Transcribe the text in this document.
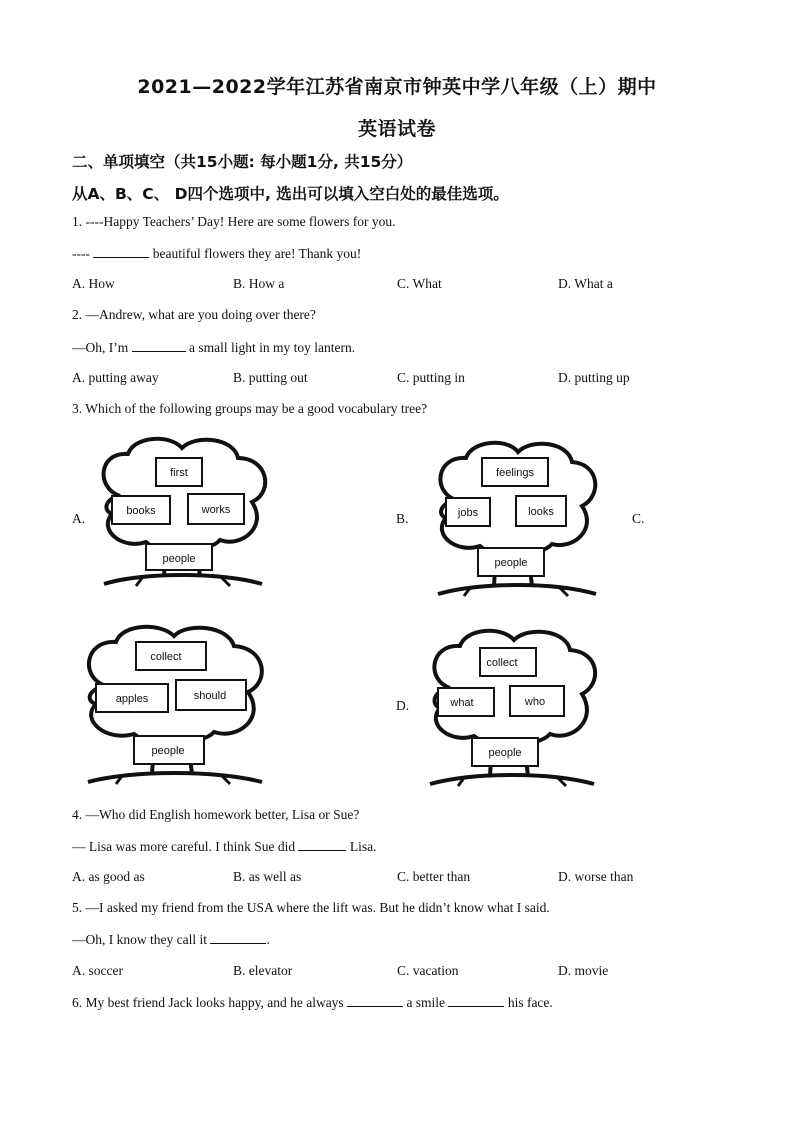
2021—2022学年江苏省南京市钟英中学八年级（上）期中
英语试卷
二、单项填空（共15小题: 每小题1分, 共15分）
从A、B、C、 D四个选项中, 选出可以填入空白处的最佳选项。
1. ----Happy Teachers’ Day! Here are some flowers for you.
----	beautiful flowers they are! Thank you!
A. How	B. How a	C. What	D. What a
2. —Andrew, what are you doing over there?
—Oh, I’m	a small light in my toy lantern.
A. putting away	B. putting out	C. putting in	D. putting up
3. Which of the following groups may be a good vocabulary tree?
A.	B.	C.
D.
first
books	works
people
feelings
jobs	looks
people
collect
apples	should
people
collect
what	who
people
4. —Who did English homework better, Lisa or Sue?
— Lisa was more careful. I think Sue did	Lisa.
A. as good as	B. as well as	C. better than	D. worse than
5. —I asked my friend from the USA where the lift was. But he didn’t know what I said.
—Oh, I know they call it	.
A. soccer	B. elevator	C. vacation	D. movie
6. My best friend Jack looks happy, and he always	a smile	his face.
